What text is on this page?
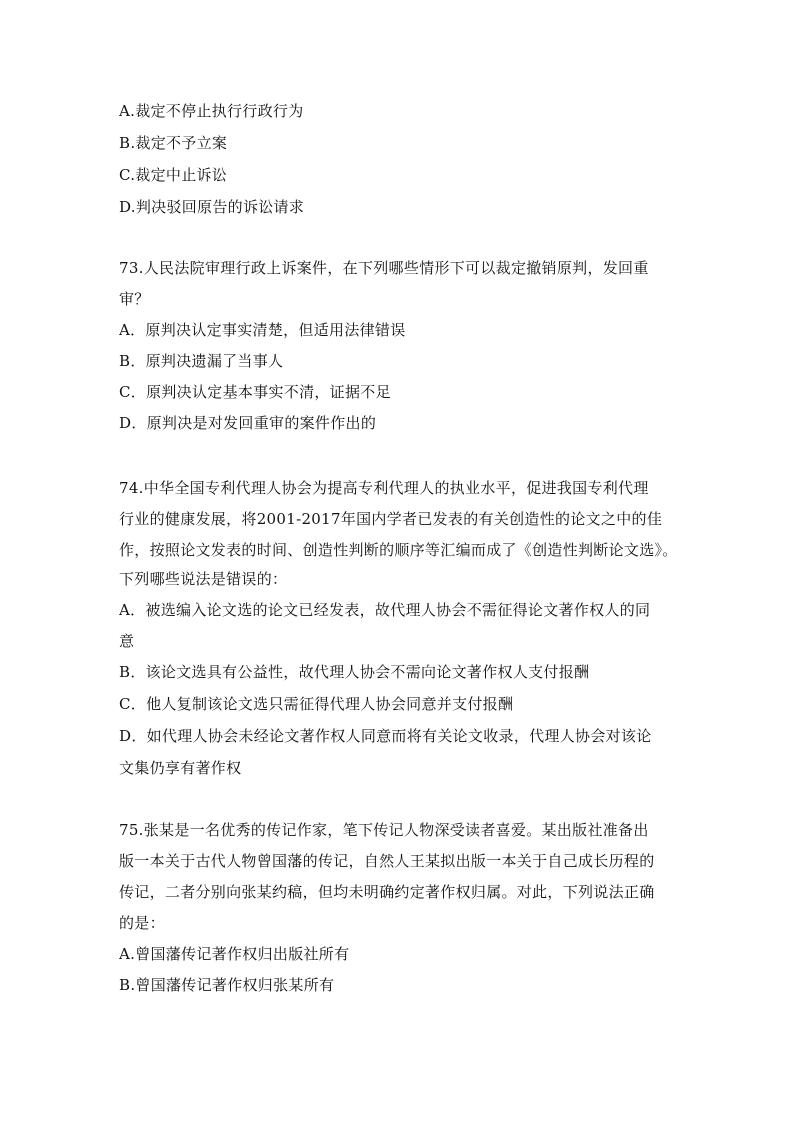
A.裁定不停止执行行政行为
B.裁定不予立案
C.裁定中止诉讼
D.判决驳回原告的诉讼请求
73.人民法院审理行政上诉案件，在下列哪些情形下可以裁定撤销原判，发回重
审？
A．原判决认定事实清楚，但适用法律错误
B．原判决遗漏了当事人
C．原判决认定基本事实不清，证据不足
D．原判决是对发回重审的案件作出的
74.中华全国专利代理人协会为提高专利代理人的执业水平，促进我国专利代理
行业的健康发展，将2001-2017年国内学者已发表的有关创造性的论文之中的佳
作，按照论文发表的时间、创造性判断的顺序等汇编而成了《创造性判断论文选》。
下列哪些说法是错误的：
A．被选编入论文选的论文已经发表，故代理人协会不需征得论文著作权人的同
意
B．该论文选具有公益性，故代理人协会不需向论文著作权人支付报酬
C．他人复制该论文选只需征得代理人协会同意并支付报酬
D．如代理人协会未经论文著作权人同意而将有关论文收录，代理人协会对该论
文集仍享有著作权
75.张某是一名优秀的传记作家，笔下传记人物深受读者喜爱。某出版社准备出
版一本关于古代人物曾国藩的传记，自然人王某拟出版一本关于自己成长历程的
传记，二者分别向张某约稿，但均未明确约定著作权归属。对此，下列说法正确
的是：
A.曾国藩传记著作权归出版社所有
B.曾国藩传记著作权归张某所有
